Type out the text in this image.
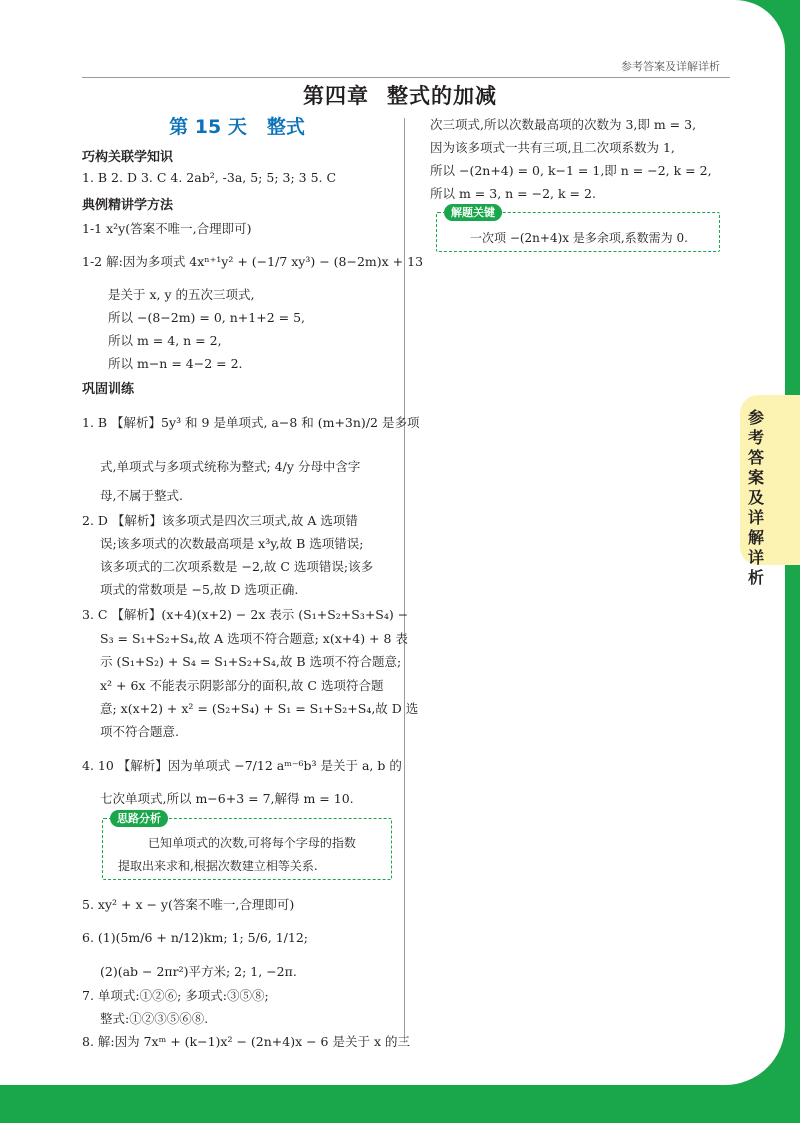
参考答案及详解详析
参考答案及详解详析
第四章 整式的加减
第 15 天 整式
巧构关联学知识
1. B 2. D 3. C 4. 2ab², -3a, 5; 5; 3; 3 5. C
典例精讲学方法
1-1 x²y(答案不唯一,合理即可)
1-2 解:因为多项式 4xⁿ⁺¹y² + (−1/7 xy³) − (8−2m)x + 13
是关于 x, y 的五次三项式,
所以 −(8−2m) = 0, n+1+2 = 5,
所以 m = 4, n = 2,
所以 m−n = 4−2 = 2.
巩固训练
1. B 【解析】5y³ 和 9 是单项式, a−8 和 (m+3n)/2 是多项
式,单项式与多项式统称为整式; 4/y 分母中含字
母,不属于整式.
2. D 【解析】该多项式是四次三项式,故 A 选项错
误;该多项式的次数最高项是 x³y,故 B 选项错误;
该多项式的二次项系数是 −2,故 C 选项错误;该多
项式的常数项是 −5,故 D 选项正确.
3. C 【解析】(x+4)(x+2) − 2x 表示 (S₁+S₂+S₃+S₄) −
S₃ = S₁+S₂+S₄,故 A 选项不符合题意; x(x+4) + 8 表
示 (S₁+S₂) + S₄ = S₁+S₂+S₄,故 B 选项不符合题意;
x² + 6x 不能表示阴影部分的面积,故 C 选项符合题
意; x(x+2) + x² = (S₂+S₄) + S₁ = S₁+S₂+S₄,故 D 选
项不符合题意.
4. 10 【解析】因为单项式 −7/12 aᵐ⁻⁶b³ 是关于 a, b 的
七次单项式,所以 m−6+3 = 7,解得 m = 10.
思路分析
已知单项式的次数,可将每个字母的指数
提取出来求和,根据次数建立相等关系.
5. xy² + x − y(答案不唯一,合理即可)
6. (1)(5m/6 + n/12)km; 1; 5/6, 1/12;
(2)(ab − 2πr²)平方米; 2; 1, −2π.
7. 单项式:①②⑥; 多项式:③⑤⑧;
整式:①②③⑤⑥⑧.
8. 解:因为 7xᵐ + (k−1)x² − (2n+4)x − 6 是关于 x 的三
次三项式,所以次数最高项的次数为 3,即 m = 3,
因为该多项式一共有三项,且二次项系数为 1,
所以 −(2n+4) = 0, k−1 = 1,即 n = −2, k = 2,
所以 m = 3, n = −2, k = 2.
解题关键
一次项 −(2n+4)x 是多余项,系数需为 0.
